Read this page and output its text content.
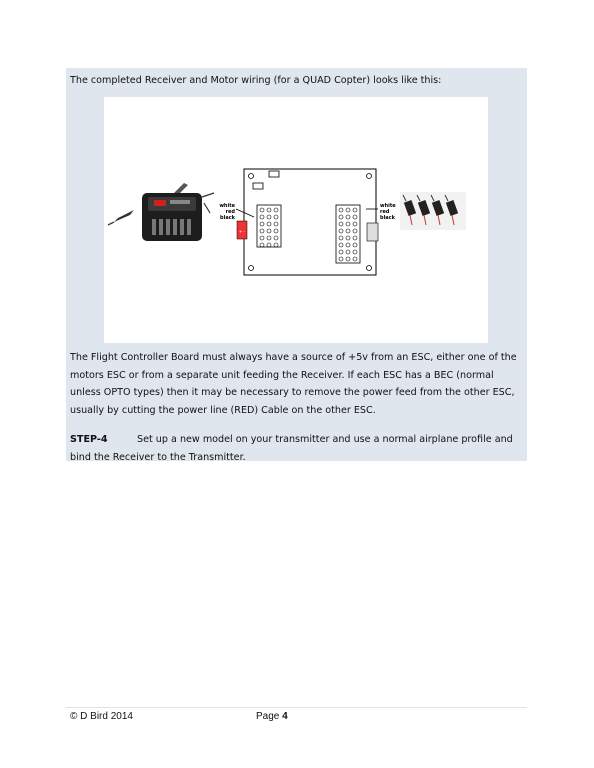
The completed Receiver and Motor wiring (for a QUAD Copter) looks like this:
+ -
white
red
black
white
red
black
The Flight Controller Board must always have a source of +5v from an ESC, either one of the motors ESC or from a separate unit feeding the Receiver. If each ESC has a BEC (normal unless OPTO types) then it may be necessary to remove the power feed from the other ESC, usually by cutting the power line (RED) Cable on the other ESC.
STEP-4	Set up a new model on your transmitter and use a normal airplane profile and bind the Receiver to the Transmitter.
© D Bird 2014	Page 4
